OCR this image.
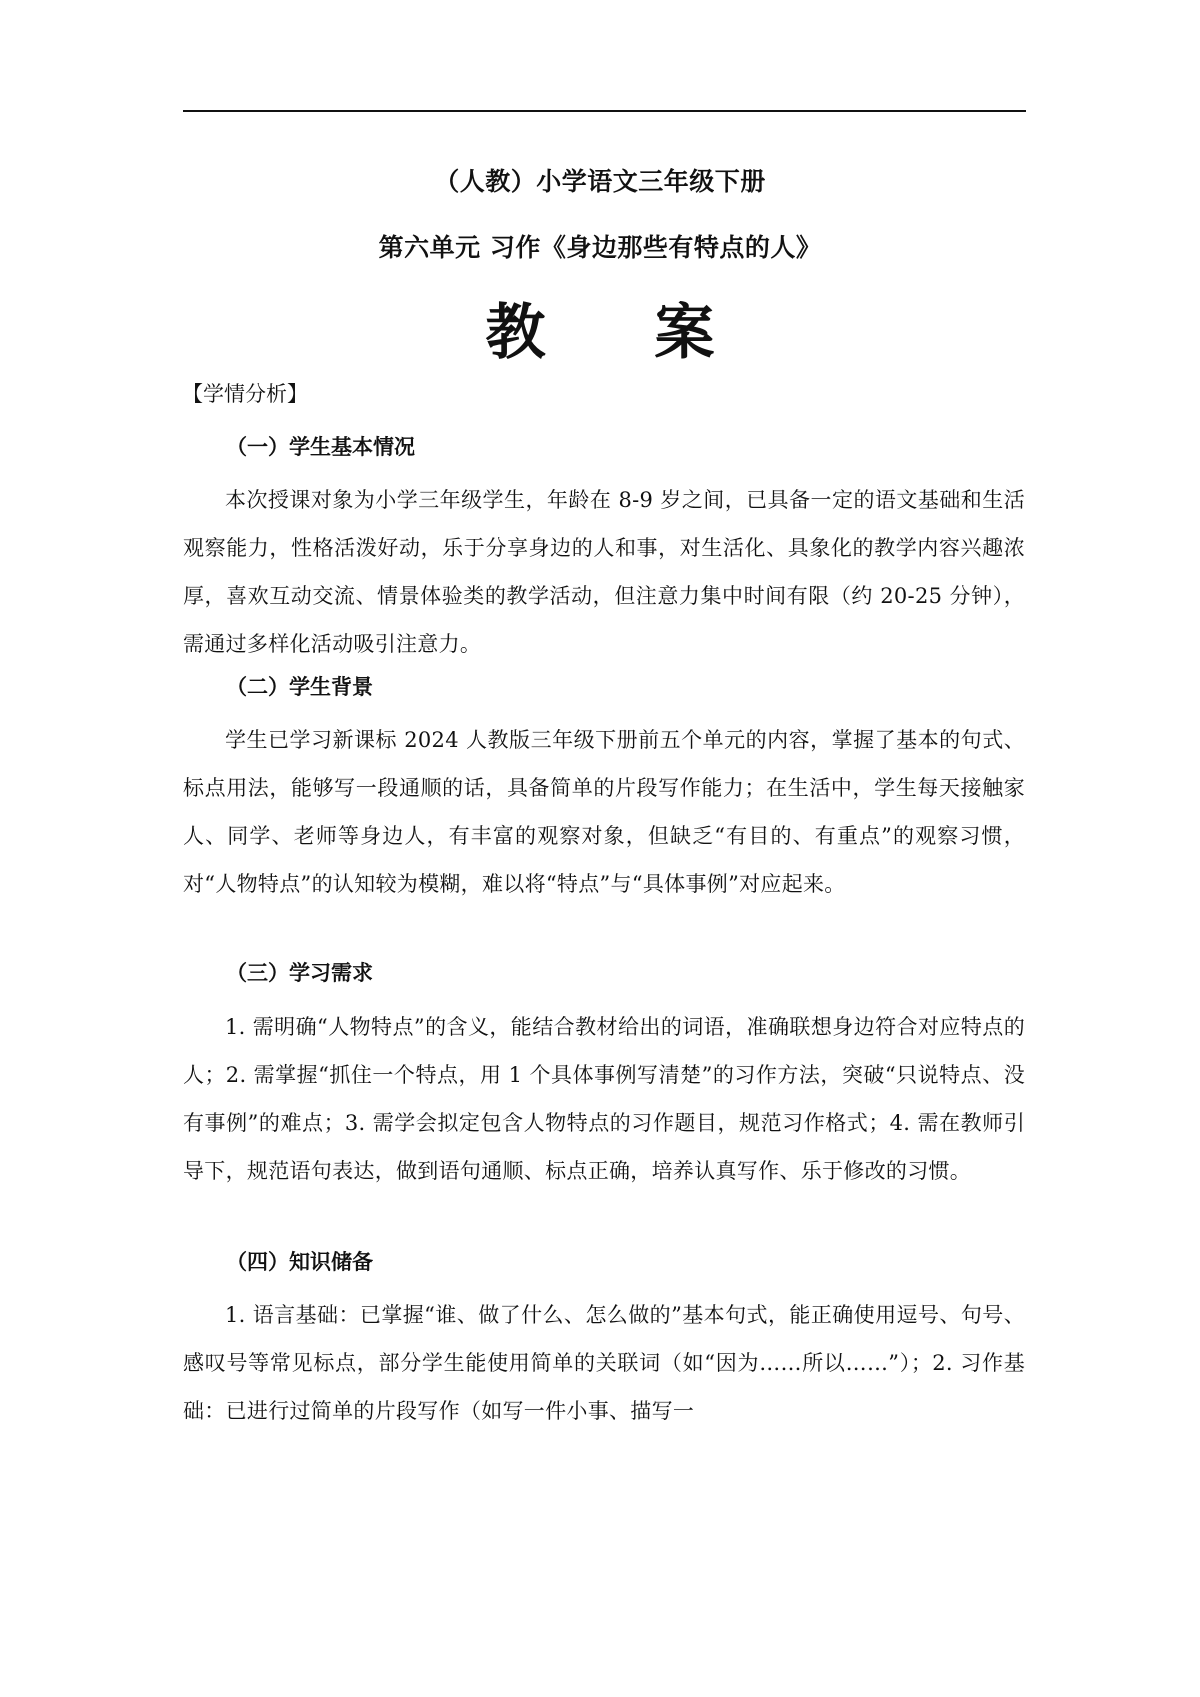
（人教）小学语文三年级下册
第六单元 习作《身边那些有特点的人》
教 案
【学情分析】
（一）学生基本情况
本次授课对象为小学三年级学生，年龄在 8-9 岁之间，已具备一定的语文基础和生活观察能力，性格活泼好动，乐于分享身边的人和事，对生活化、具象化的教学内容兴趣浓厚，喜欢互动交流、情景体验类的教学活动，但注意力集中时间有限（约 20-25 分钟），需通过多样化活动吸引注意力。
（二）学生背景
学生已学习新课标 2024 人教版三年级下册前五个单元的内容，掌握了基本的句式、标点用法，能够写一段通顺的话，具备简单的片段写作能力；在生活中，学生每天接触家人、同学、老师等身边人，有丰富的观察对象，但缺乏“有目的、有重点”的观察习惯，对“人物特点”的认知较为模糊，难以将“特点”与“具体事例”对应起来。
（三）学习需求
1. 需明确“人物特点”的含义，能结合教材给出的词语，准确联想身边符合对应特点的人；2. 需掌握“抓住一个特点，用 1 个具体事例写清楚”的习作方法，突破“只说特点、没有事例”的难点；3. 需学会拟定包含人物特点的习作题目，规范习作格式；4. 需在教师引导下，规范语句表达，做到语句通顺、标点正确，培养认真写作、乐于修改的习惯。
（四）知识储备
1. 语言基础：已掌握“谁、做了什么、怎么做的”基本句式，能正确使用逗号、句号、感叹号等常见标点，部分学生能使用简单的关联词（如“因为……所以……”）；2. 习作基础：已进行过简单的片段写作（如写一件小事、描写一
